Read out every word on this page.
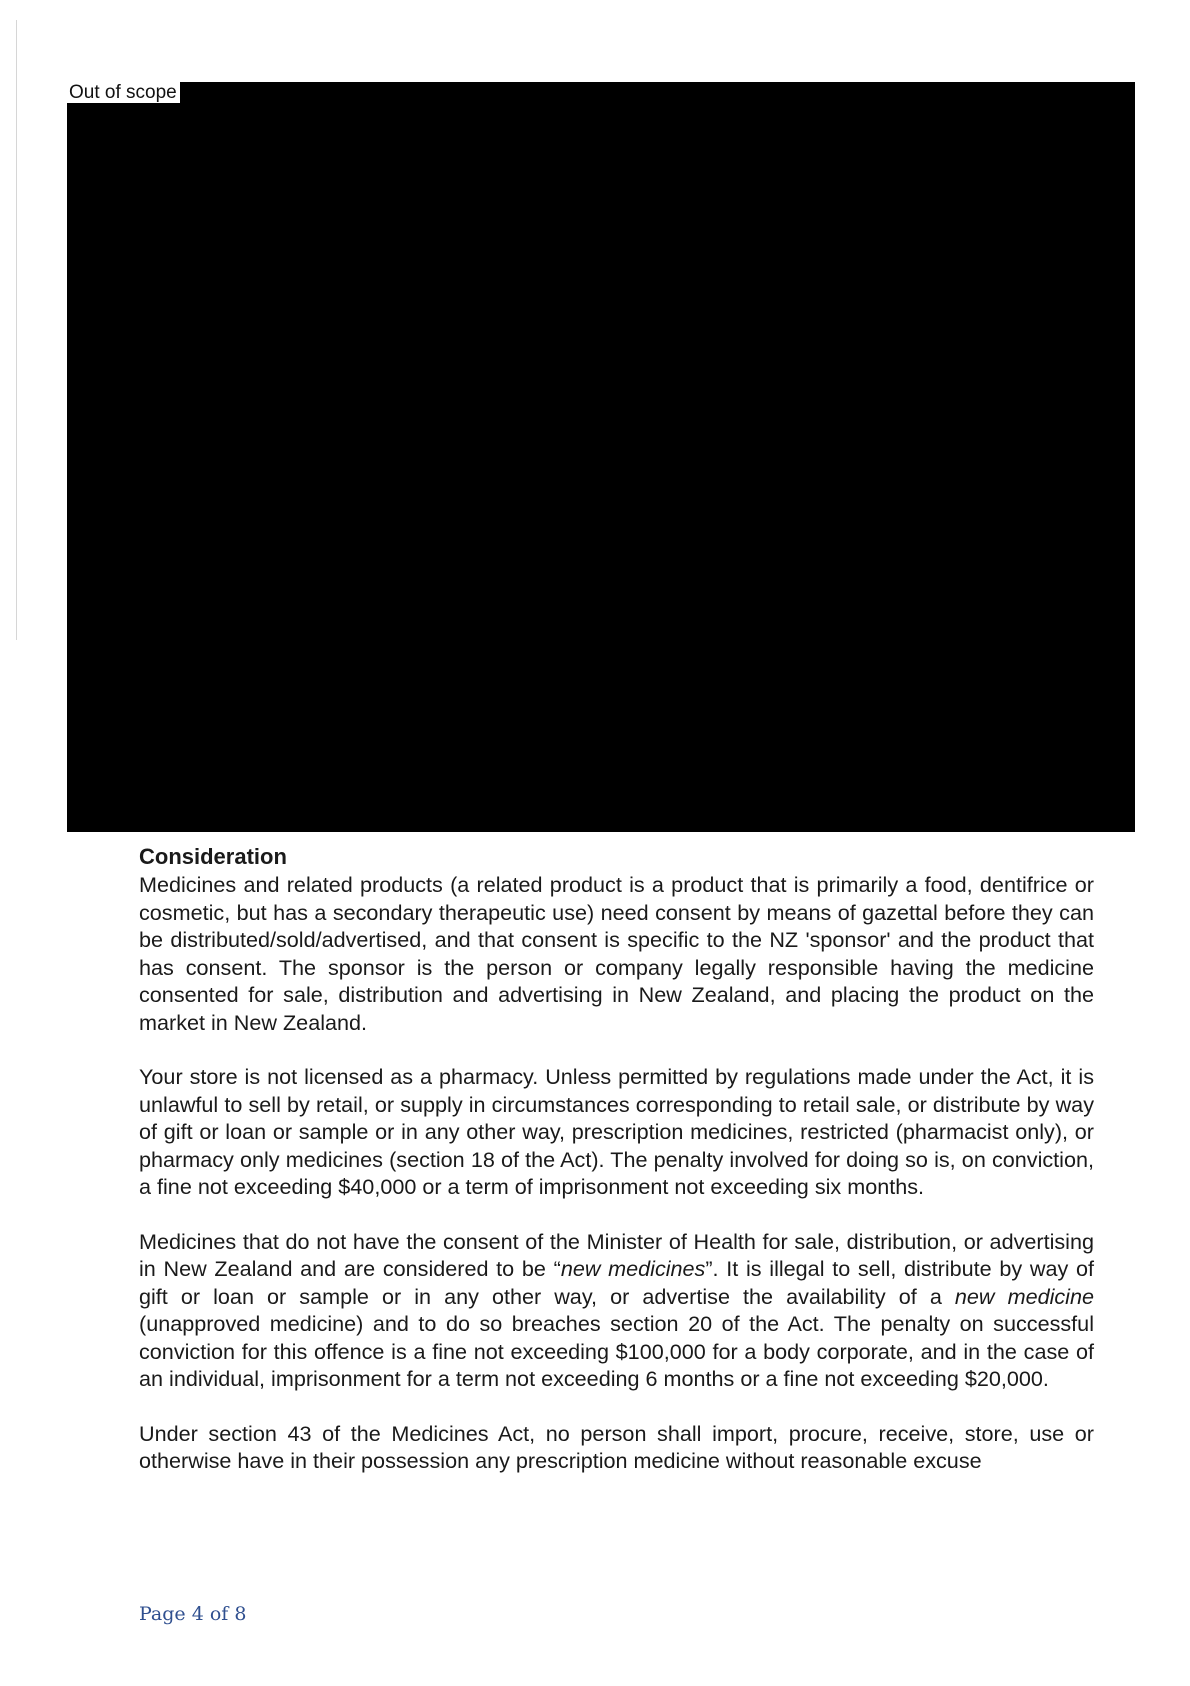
Out of scope

Consideration

Medicines and related products (a related product is a product that is primarily a food, dentifrice or cosmetic, but has a secondary therapeutic use) need consent by means of gazettal before they can be distributed/sold/advertised, and that consent is specific to the NZ 'sponsor' and the product that has consent. The sponsor is the person or company legally responsible having the medicine consented for sale, distribution and advertising in New Zealand, and placing the product on the market in New Zealand.

Your store is not licensed as a pharmacy. Unless permitted by regulations made under the Act, it is unlawful to sell by retail, or supply in circumstances corresponding to retail sale, or distribute by way of gift or loan or sample or in any other way, prescription medicines, restricted (pharmacist only), or pharmacy only medicines (section 18 of the Act). The penalty involved for doing so is, on conviction, a fine not exceeding $40,000 or a term of imprisonment not exceeding six months.

Medicines that do not have the consent of the Minister of Health for sale, distribution, or advertising in New Zealand and are considered to be “new medicines”. It is illegal to sell, distribute by way of gift or loan or sample or in any other way, or advertise the availability of a new medicine (unapproved medicine) and to do so breaches section 20 of the Act. The penalty on successful conviction for this offence is a fine not exceeding $100,000 for a body corporate, and in the case of an individual, imprisonment for a term not exceeding 6 months or a fine not exceeding $20,000.

Under section 43 of the Medicines Act, no person shall import, procure, receive, store, use or otherwise have in their possession any prescription medicine without reasonable excuse

Page 4 of 8
